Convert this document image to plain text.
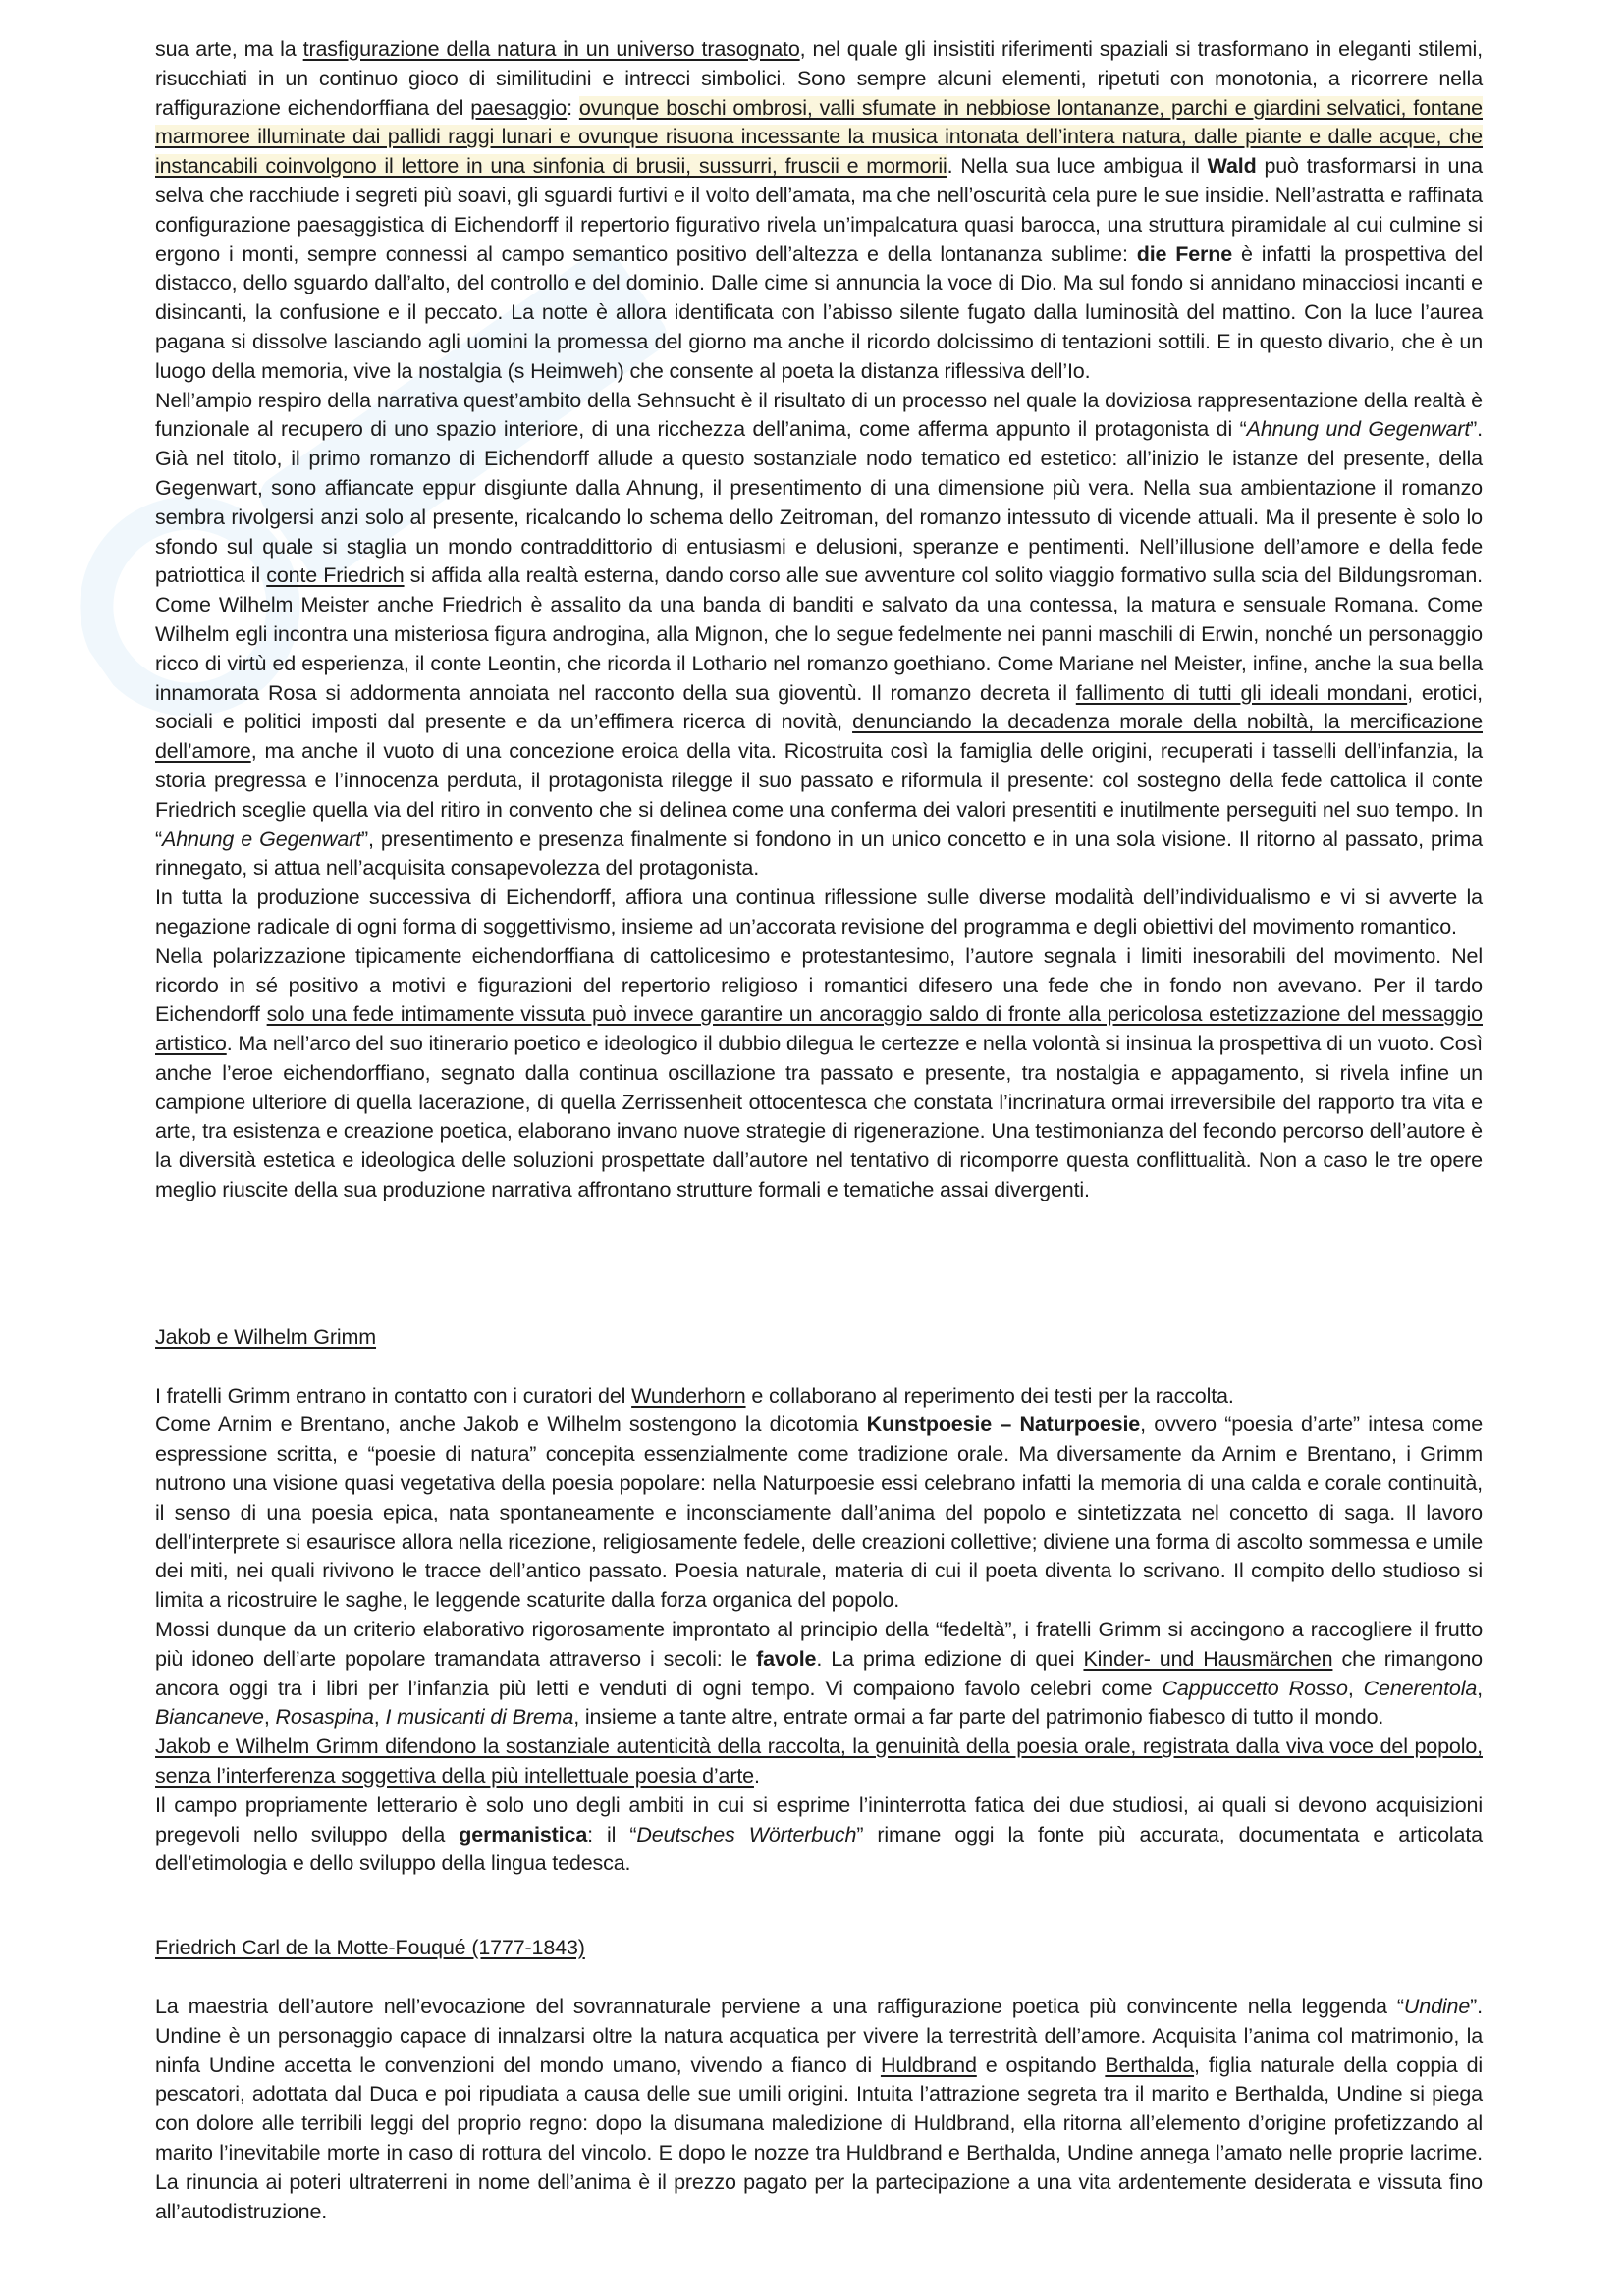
sua arte, ma la trasfigurazione della natura in un universo trasognato, nel quale gli insistiti riferimenti spaziali si trasformano in eleganti stilemi, risucchiati in un continuo gioco di similitudini e intrecci simbolici. Sono sempre alcuni elementi, ripetuti con monotonia, a ricorrere nella raffigurazione eichendorffiana del paesaggio: ovunque boschi ombrosi, valli sfumate in nebbiose lontananze, parchi e giardini selvatici, fontane marmoree illuminate dai pallidi raggi lunari e ovunque risuona incessante la musica intonata dell’intera natura, dalle piante e dalle acque, che instancabili coinvolgono il lettore in una sinfonia di brusii, sussurri, fruscii e mormorii. Nella sua luce ambigua il Wald può trasformarsi in una selva che racchiude i segreti più soavi, gli sguardi furtivi e il volto dell’amata, ma che nell’oscurità cela pure le sue insidie. Nell’astratta e raffinata configurazione paesaggistica di Eichendorff il repertorio figurativo rivela un’impalcatura quasi barocca, una struttura piramidale al cui culmine si ergono i monti, sempre connessi al campo semantico positivo dell’altezza e della lontananza sublime: die Ferne è infatti la prospettiva del distacco, dello sguardo dall’alto, del controllo e del dominio. Dalle cime si annuncia la voce di Dio. Ma sul fondo si annidano minacciosi incanti e disincanti, la confusione e il peccato. La notte è allora identificata con l’abisso silente fugato dalla luminosità del mattino. Con la luce l’aurea pagana si dissolve lasciando agli uomini la promessa del giorno ma anche il ricordo dolcissimo di tentazioni sottili. E in questo divario, che è un luogo della memoria, vive la nostalgia (s Heimweh) che consente al poeta la distanza riflessiva dell’Io.

Nell’ampio respiro della narrativa quest’ambito della Sehnsucht è il risultato di un processo nel quale la doviziosa rappresentazione della realtà è funzionale al recupero di uno spazio interiore, di una ricchezza dell’anima, come afferma appunto il protagonista di “Ahnung und Gegenwart”. Già nel titolo, il primo romanzo di Eichendorff allude a questo sostanziale nodo tematico ed estetico: all’inizio le istanze del presente, della Gegenwart, sono affiancate eppur disgiunte dalla Ahnung, il presentimento di una dimensione più vera. Nella sua ambientazione il romanzo sembra rivolgersi anzi solo al presente, ricalcando lo schema dello Zeitroman, del romanzo intessuto di vicende attuali. Ma il presente è solo lo sfondo sul quale si staglia un mondo contraddittorio di entusiasmi e delusioni, speranze e pentimenti. Nell’illusione dell’amore e della fede patriottica il conte Friedrich si affida alla realtà esterna, dando corso alle sue avventure col solito viaggio formativo sulla scia del Bildungsroman. Come Wilhelm Meister anche Friedrich è assalito da una banda di banditi e salvato da una contessa, la matura e sensuale Romana. Come Wilhelm egli incontra una misteriosa figura androgina, alla Mignon, che lo segue fedelmente nei panni maschili di Erwin, nonché un personaggio ricco di virtù ed esperienza, il conte Leontin, che ricorda il Lothario nel romanzo goethiano. Come Mariane nel Meister, infine, anche la sua bella innamorata Rosa si addormenta annoiata nel racconto della sua gioventù. Il romanzo decreta il fallimento di tutti gli ideali mondani, erotici, sociali e politici imposti dal presente e da un’effimera ricerca di novità, denunciando la decadenza morale della nobiltà, la mercificazione dell’amore, ma anche il vuoto di una concezione eroica della vita. Ricostruita così la famiglia delle origini, recuperati i tasselli dell’infanzia, la storia pregressa e l’innocenza perduta, il protagonista rilegge il suo passato e riformula il presente: col sostegno della fede cattolica il conte Friedrich sceglie quella via del ritiro in convento che si delinea come una conferma dei valori presentiti e inutilmente perseguiti nel suo tempo. In “Ahnung e Gegenwart”, presentimento e presenza finalmente si fondono in un unico concetto e in una sola visione. Il ritorno al passato, prima rinnegato, si attua nell’acquisita consapevolezza del protagonista.

In tutta la produzione successiva di Eichendorff, affiora una continua riflessione sulle diverse modalità dell’individualismo e vi si avverte la negazione radicale di ogni forma di soggettivismo, insieme ad un’accorata revisione del programma e degli obiettivi del movimento romantico.

Nella polarizzazione tipicamente eichendorffiana di cattolicesimo e protestantesimo, l’autore segnala i limiti inesorabili del movimento. Nel ricordo in sé positivo a motivi e figurazioni del repertorio religioso i romantici difesero una fede che in fondo non avevano. Per il tardo Eichendorff solo una fede intimamente vissuta può invece garantire un ancoraggio saldo di fronte alla pericolosa estetizzazione del messaggio artistico. Ma nell’arco del suo itinerario poetico e ideologico il dubbio dilegua le certezze e nella volontà si insinua la prospettiva di un vuoto. Così anche l’eroe eichendorffiano, segnato dalla continua oscillazione tra passato e presente, tra nostalgia e appagamento, si rivela infine un campione ulteriore di quella lacerazione, di quella Zerrissenheit ottocentesca che constata l’incrinatura ormai irreversibile del rapporto tra vita e arte, tra esistenza e creazione poetica, elaborano invano nuove strategie di rigenerazione. Una testimonianza del fecondo percorso dell’autore è la diversità estetica e ideologica delle soluzioni prospettate dall’autore nel tentativo di ricomporre questa conflittualità. Non a caso le tre opere meglio riuscite della sua produzione narrativa affrontano strutture formali e tematiche assai divergenti.

Jakob e Wilhelm Grimm

I fratelli Grimm entrano in contatto con i curatori del Wunderhorn e collaborano al reperimento dei testi per la raccolta.

Come Arnim e Brentano, anche Jakob e Wilhelm sostengono la dicotomia Kunstpoesie – Naturpoesie, ovvero “poesia d’arte” intesa come espressione scritta, e “poesie di natura” concepita essenzialmente come tradizione orale. Ma diversamente da Arnim e Brentano, i Grimm nutrono una visione quasi vegetativa della poesia popolare: nella Naturpoesie essi celebrano infatti la memoria di una calda e corale continuità, il senso di una poesia epica, nata spontaneamente e inconsciamente dall’anima del popolo e sintetizzata nel concetto di saga. Il lavoro dell’interprete si esaurisce allora nella ricezione, religiosamente fedele, delle creazioni collettive; diviene una forma di ascolto sommessa e umile dei miti, nei quali rivivono le tracce dell’antico passato. Poesia naturale, materia di cui il poeta diventa lo scrivano. Il compito dello studioso si limita a ricostruire le saghe, le leggende scaturite dalla forza organica del popolo.

Mossi dunque da un criterio elaborativo rigorosamente improntato al principio della “fedeltà”, i fratelli Grimm si accingono a raccogliere il frutto più idoneo dell’arte popolare tramandata attraverso i secoli: le favole. La prima edizione di quei Kinder- und Hausmärchen che rimangono ancora oggi tra i libri per l’infanzia più letti e venduti di ogni tempo. Vi compaiono favolo celebri come Cappuccetto Rosso, Cenerentola, Biancaneve, Rosaspina, I musicanti di Brema, insieme a tante altre, entrate ormai a far parte del patrimonio fiabesco di tutto il mondo.

Jakob e Wilhelm Grimm difendono la sostanziale autenticità della raccolta, la genuinità della poesia orale, registrata dalla viva voce del popolo, senza l’interferenza soggettiva della più intellettuale poesia d’arte.

Il campo propriamente letterario è solo uno degli ambiti in cui si esprime l’ininterrotta fatica dei due studiosi, ai quali si devono acquisizioni pregevoli nello sviluppo della germanistica: il “Deutsches Wörterbuch” rimane oggi la fonte più accurata, documentata e articolata dell’etimologia e dello sviluppo della lingua tedesca.

Friedrich Carl de la Motte-Fouqué (1777-1843)

La maestria dell’autore nell’evocazione del sovrannaturale perviene a una raffigurazione poetica più convincente nella leggenda “Undine”. Undine è un personaggio capace di innalzarsi oltre la natura acquatica per vivere la terrestrità dell’amore. Acquisita l’anima col matrimonio, la ninfa Undine accetta le convenzioni del mondo umano, vivendo a fianco di Huldbrand e ospitando Berthalda, figlia naturale della coppia di pescatori, adottata dal Duca e poi ripudiata a causa delle sue umili origini. Intuita l’attrazione segreta tra il marito e Berthalda, Undine si piega con dolore alle terribili leggi del proprio regno: dopo la disumana maledizione di Huldbrand, ella ritorna all’elemento d’origine profetizzando al marito l’inevitabile morte in caso di rottura del vincolo. E dopo le nozze tra Huldbrand e Berthalda, Undine annega l’amato nelle proprie lacrime. La rinuncia ai poteri ultraterreni in nome dell’anima è il prezzo pagato per la partecipazione a una vita ardentemente desiderata e vissuta fino all’autodistruzione.
